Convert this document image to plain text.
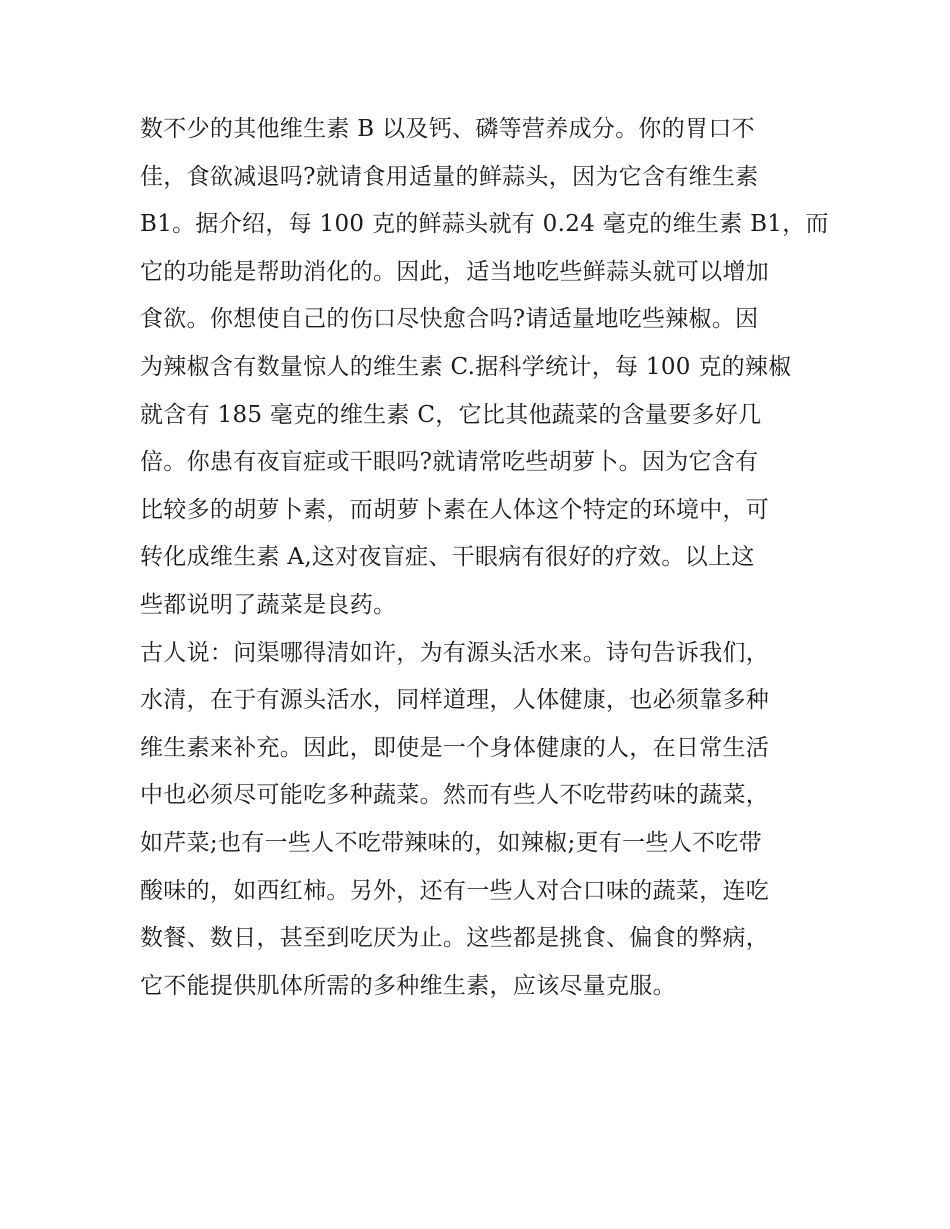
数不少的其他维生素 B 以及钙、磷等营养成分。你的胃口不
佳，食欲减退吗?就请食用适量的鲜蒜头，因为它含有维生素
B1。据介绍，每 100 克的鲜蒜头就有 0.24 毫克的维生素 B1，而
它的功能是帮助消化的。因此，适当地吃些鲜蒜头就可以增加
食欲。你想使自己的伤口尽快愈合吗?请适量地吃些辣椒。因
为辣椒含有数量惊人的维生素 C.据科学统计，每 100 克的辣椒
就含有 185 毫克的维生素 C，它比其他蔬菜的含量要多好几
倍。你患有夜盲症或干眼吗?就请常吃些胡萝卜。因为它含有
比较多的胡萝卜素，而胡萝卜素在人体这个特定的环境中，可
转化成维生素 A,这对夜盲症、干眼病有很好的疗效。以上这
些都说明了蔬菜是良药。
古人说：问渠哪得清如许，为有源头活水来。诗句告诉我们，
水清，在于有源头活水，同样道理，人体健康，也必须靠多种
维生素来补充。因此，即使是一个身体健康的人，在日常生活
中也必须尽可能吃多种蔬菜。然而有些人不吃带药味的蔬菜，
如芹菜;也有一些人不吃带辣味的，如辣椒;更有一些人不吃带
酸味的，如西红柿。另外，还有一些人对合口味的蔬菜，连吃
数餐、数日，甚至到吃厌为止。这些都是挑食、偏食的弊病，
它不能提供肌体所需的多种维生素，应该尽量克服。
